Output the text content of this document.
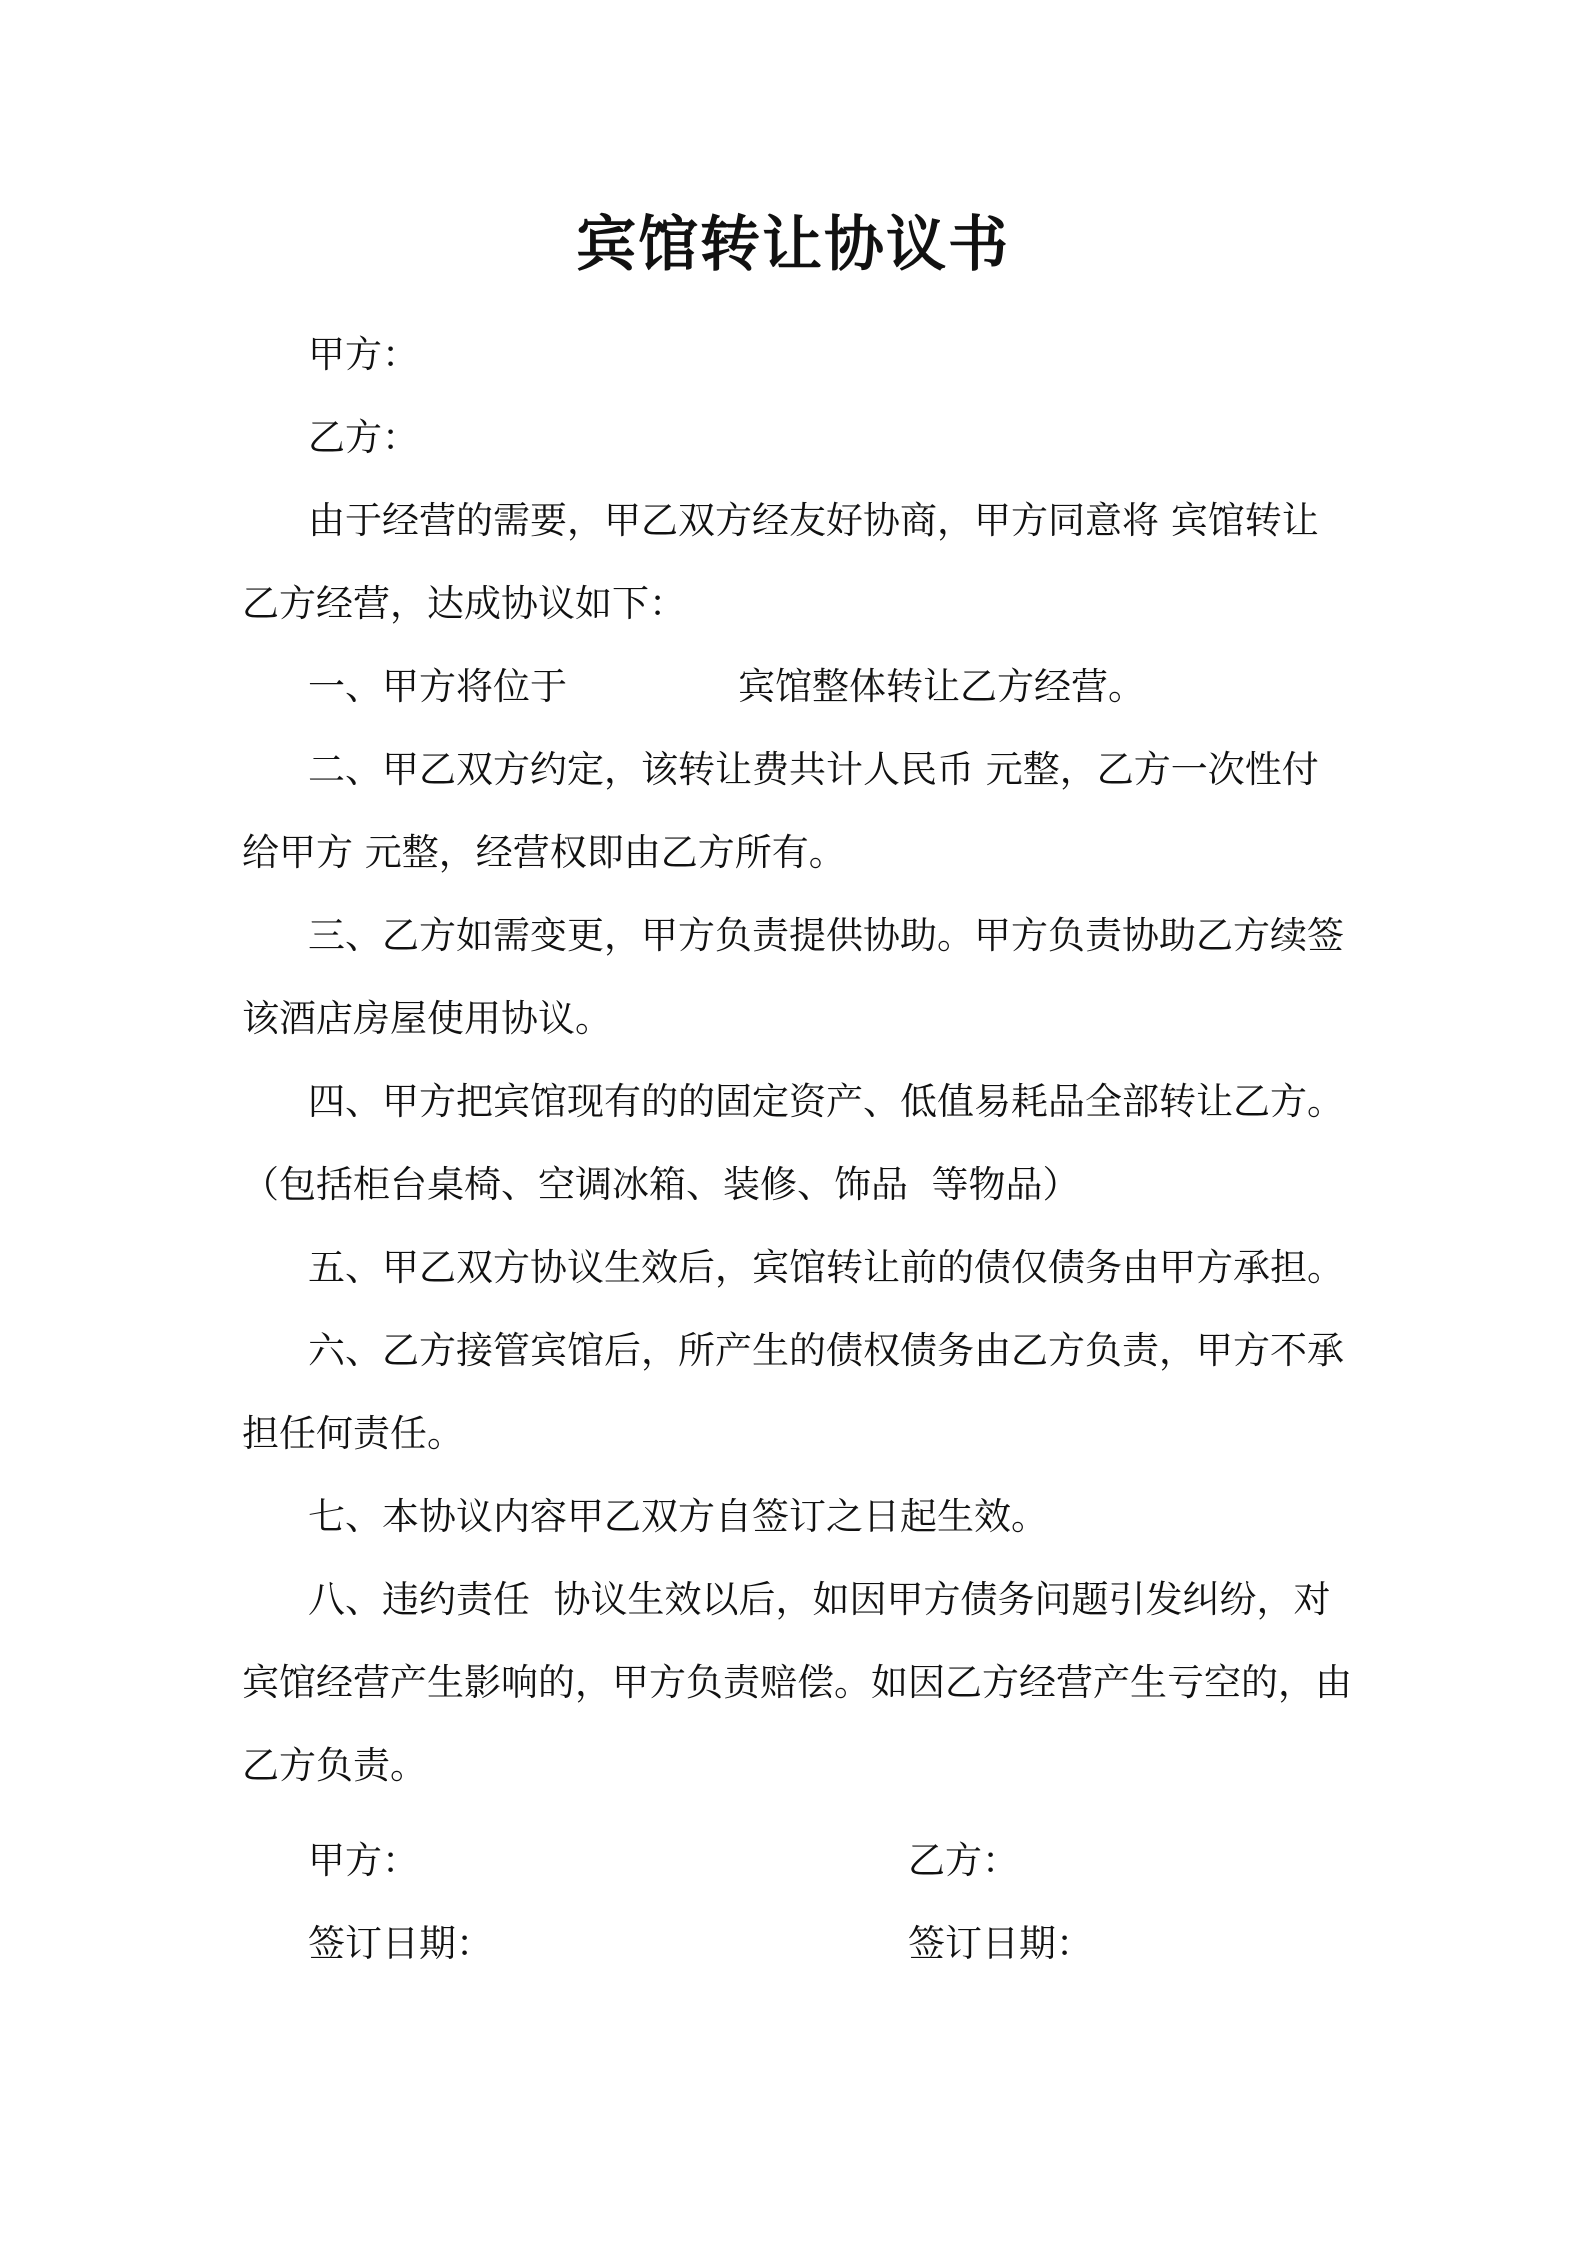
宾馆转让协议书
甲方：
乙方：
由于经营的需要，甲乙双方经友好协商，甲方同意将 宾馆转让
乙方经营，达成协议如下：
一、甲方将位于	宾馆整体转让乙方经营。
二、甲乙双方约定，该转让费共计人民币 元整，乙方一次性付
给甲方 元整，经营权即由乙方所有。
三、乙方如需变更，甲方负责提供协助。甲方负责协助乙方续签
该酒店房屋使用协议。
四、甲方把宾馆现有的的固定资产、低值易耗品全部转让乙方。
（包括柜台桌椅、空调冰箱、装修、饰品  等物品）
五、甲乙双方协议生效后，宾馆转让前的债仅债务由甲方承担。
六、乙方接管宾馆后，所产生的债权债务由乙方负责，甲方不承
担任何责任。
七、本协议内容甲乙双方自签订之日起生效。
八、违约责任  协议生效以后，如因甲方债务问题引发纠纷，对
宾馆经营产生影响的，甲方负责赔偿。如因乙方经营产生亏空的，由
乙方负责。
甲方：	乙方：
签订日期：	签订日期：
